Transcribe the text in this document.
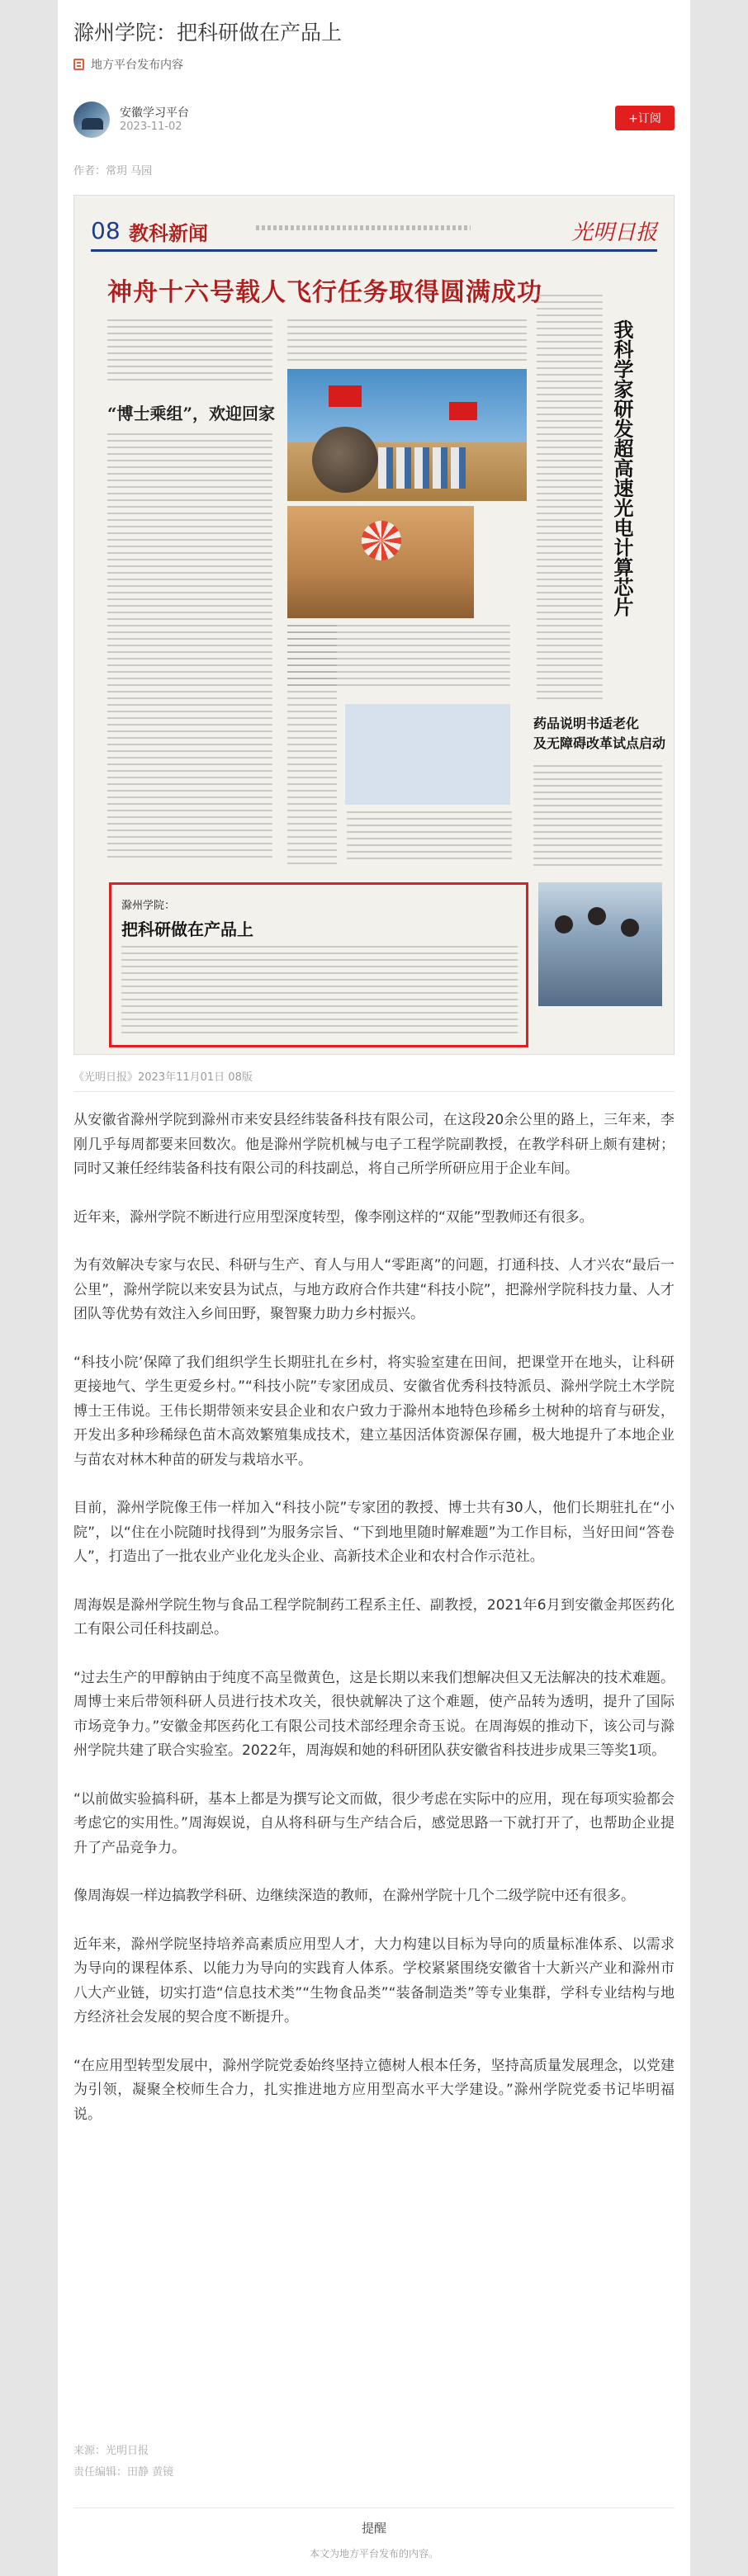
滁州学院：把科研做在产品上
地方平台发布内容
安徽学习平台
2023-11-02
+订阅
作者：常玥 马园
08 教科新闻	光明日报
神舟十六号载人飞行任务取得圆满成功
“博士乘组”，欢迎回家	我科学家研发超高速光电计算芯片
药品说明书适老化
及无障碍改革试点启动
滁州学院：
把科研做在产品上
《光明日报》2023年11月01日 08版

从安徽省滁州学院到滁州市来安县经纬装备科技有限公司，在这段20余公里的路上，三年来，李刚几乎每周都要来回数次。他是滁州学院机械与电子工程学院副教授，在教学科研上颇有建树；同时又兼任经纬装备科技有限公司的科技副总，将自己所学所研应用于企业车间。

近年来，滁州学院不断进行应用型深度转型，像李刚这样的“双能”型教师还有很多。

为有效解决专家与农民、科研与生产、育人与用人“零距离”的问题，打通科技、人才兴农“最后一公里”，滁州学院以来安县为试点，与地方政府合作共建“科技小院”，把滁州学院科技力量、人才团队等优势有效注入乡间田野，聚智聚力助力乡村振兴。

“科技小院’保障了我们组织学生长期驻扎在乡村，将实验室建在田间，把课堂开在地头，让科研更接地气、学生更爱乡村。”“科技小院”专家团成员、安徽省优秀科技特派员、滁州学院土木学院博士王伟说。王伟长期带领来安县企业和农户致力于滁州本地特色珍稀乡土树种的培育与研发，开发出多种珍稀绿色苗木高效繁殖集成技术，建立基因活体资源保存圃，极大地提升了本地企业与苗农对林木种苗的研发与栽培水平。

目前，滁州学院像王伟一样加入“科技小院”专家团的教授、博士共有30人，他们长期驻扎在“小院”，以“住在小院随时找得到”为服务宗旨、“下到地里随时解难题”为工作目标，当好田间“答卷人”，打造出了一批农业产业化龙头企业、高新技术企业和农村合作示范社。

周海娱是滁州学院生物与食品工程学院制药工程系主任、副教授，2021年6月到安徽金邦医药化工有限公司任科技副总。

“过去生产的甲醇钠由于纯度不高呈微黄色，这是长期以来我们想解决但又无法解决的技术难题。周博士来后带领科研人员进行技术攻关，很快就解决了这个难题，使产品转为透明，提升了国际市场竞争力。”安徽金邦医药化工有限公司技术部经理余奇玉说。在周海娱的推动下，该公司与滁州学院共建了联合实验室。2022年，周海娱和她的科研团队获安徽省科技进步成果三等奖1项。

“以前做实验搞科研，基本上都是为撰写论文而做，很少考虑在实际中的应用，现在每项实验都会考虑它的实用性。”周海娱说，自从将科研与生产结合后，感觉思路一下就打开了，也帮助企业提升了产品竞争力。

像周海娱一样边搞教学科研、边继续深造的教师，在滁州学院十几个二级学院中还有很多。

近年来，滁州学院坚持培养高素质应用型人才，大力构建以目标为导向的质量标准体系、以需求为导向的课程体系、以能力为导向的实践育人体系。学校紧紧围绕安徽省十大新兴产业和滁州市八大产业链，切实打造“信息技术类”“生物食品类”“装备制造类”等专业集群，学科专业结构与地方经济社会发展的契合度不断提升。

“在应用型转型发展中，滁州学院党委始终坚持立德树人根本任务，坚持高质量发展理念，以党建为引领，凝聚全校师生合力，扎实推进地方应用型高水平大学建设。”滁州学院党委书记毕明福说。

来源：光明日报
责任编辑：田静 黄镜
提醒
本文为地方平台发布的内容。
